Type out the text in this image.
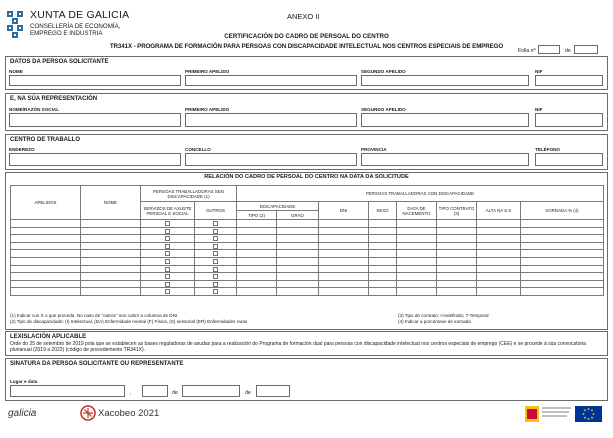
XUNTA DE GALICIA
CONSELLERÍA DE ECONOMÍA,
EMPREGO E INDUSTRIA
ANEXO II
CERTIFICACIÓN DO CADRO DE PERSOAL DO CENTRO
TR341X - PROGRAMA DE FORMACIÓN PARA PERSOAS CON DISCAPACIDADE INTELECTUAL NOS CENTROS ESPECIAIS DE EMPREGO
Folla nº	de
DATOS DA PERSOA SOLICITANTE
NOME	PRIMEIRO APELIDO	SEGUNDO APELIDO	NIF
E, NA SÚA REPRESENTACIÓN
NOME/RAZÓN SOCIAL	PRIMEIRO APELIDO	SEGUNDO APELIDO	NIF
CENTRO DE TRABALLO
ENDEREZO	CONCELLO	PROVINCIA	TELÉFONO
RELACIÓN DO CADRO DE PERSOAL DO CENTRO NA DATA DA SOLICITUDE
APELIDOS	NOME	PERSOAS TRABALLADORAS SEN DISCAPACIDADE (1)		PERSOAS TRABALLADORAS CON DISCAPACIDADE							
		SERVIZOS DE AXUSTE PERSOAL E SOCIAL	OUTROS	DISCAPACIDADE		DNI	SEXO	DATA DE NACEMENTO	TIPO CONTRATO (3)	ALTA NA S.S	XORNADA % (4)
				TIPO (2)	GRAO						

(1) Indicar cun X o que proceda. No caso de "outros" non cubrir a columna de DNI
(2) Tipo de discapacidade: (I) Intelectual, (DA) Enfermidade mental (F) Física, (S) sensorial (ER) Enfermidades raras
(3) Tipo de contrato: I-Indefinido; T-Temporal
(4) Indicar a porcentaxe de xornada
LEXISLACIÓN APLICABLE
Orde do 25 de setembro de 2019 pola que se establecen as bases reguladoras de axudas para a realización do Programa de formación dual para persoas con discapacidade intelectual nos centros especiais de emprego (CEE) e se procede á súa convocatoria plurianual (2019 a 2022) (código de procedemento TR341X).
SINATURA DA PERSOA SOLICITANTE OU REPRESENTANTE
Lugar e data
,	de	de
galicia	Xacobeo 2021
